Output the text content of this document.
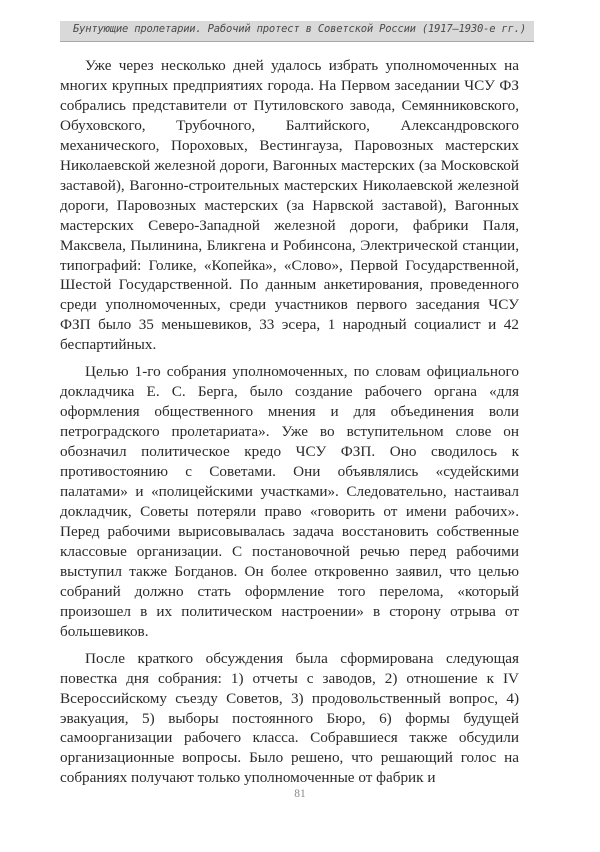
Бунтующие пролетарии. Рабочий протест в Советской России (1917–1930-е гг.)

Уже через несколько дней удалось избрать уполномоченных на многих крупных предприятиях города. На Первом заседании ЧСУ ФЗ собрались представители от Путиловского завода, Семянниковского, Обуховского, Трубочного, Балтийского, Александровского механического, Пороховых, Вестингауза, Паровозных мастерских Николаевской железной дороги, Вагонных мастерских (за Московской заставой), Вагонно-строительных мастерских Николаевской железной дороги, Паровозных мастерских (за Нарвской заставой), Вагонных мастерских Северо-Западной железной дороги, фабрики Паля, Максвела, Пылинина, Бликгена и Робинсона, Электрической станции, типографий: Голике, «Копейка», «Слово», Первой Государственной, Шестой Государственной. По данным анкетирования, проведенного среди уполномоченных, среди участников первого заседания ЧСУ ФЗП было 35 меньшевиков, 33 эсера, 1 народный социалист и 42 беспартийных.

Целью 1-го собрания уполномоченных, по словам официального докладчика Е. С. Берга, было создание рабочего органа «для оформления общественного мнения и для объединения воли петроградского пролетариата». Уже во вступительном слове он обозначил политическое кредо ЧСУ ФЗП. Оно сводилось к противостоянию с Советами. Они объявлялись «судейскими палатами» и «полицейскими участками». Следовательно, настаивал докладчик, Советы потеряли право «говорить от имени рабочих». Перед рабочими вырисовывалась задача восстановить собственные классовые организации. С постановочной речью перед рабочими выступил также Богданов. Он более откровенно заявил, что целью собраний должно стать оформление того перелома, «который произошел в их политическом настроении» в сторону отрыва от большевиков.

После краткого обсуждения была сформирована следующая повестка дня собрания: 1) отчеты с заводов, 2) отношение к IV Всероссийскому съезду Советов, 3) продовольственный вопрос, 4) эвакуация, 5) выборы постоянного Бюро, 6) формы будущей самоорганизации рабочего класса. Собравшиеся также обсудили организационные вопросы. Было решено, что решающий голос на собраниях получают только уполномоченные от фабрик и

81
